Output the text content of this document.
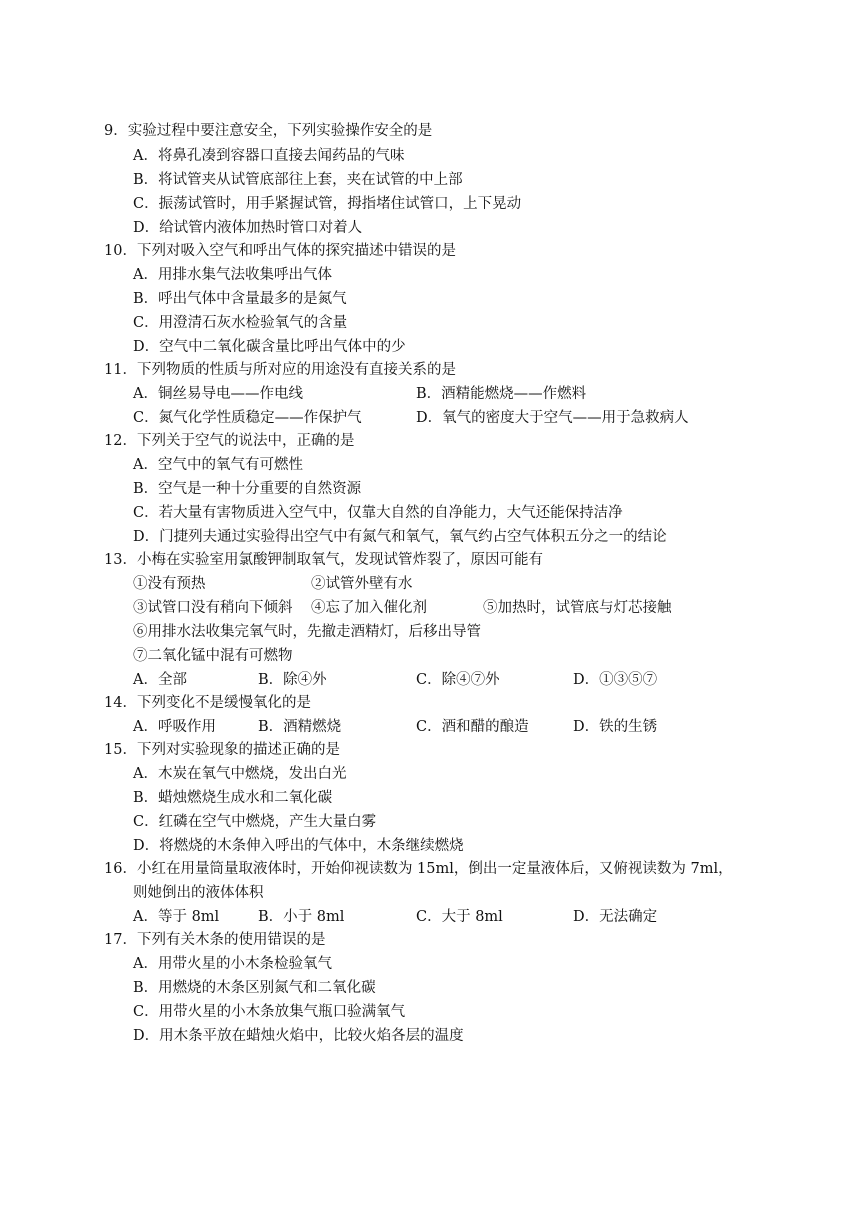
9．实验过程中要注意安全，下列实验操作安全的是
A．将鼻孔凑到容器口直接去闻药品的气味
B．将试管夹从试管底部往上套，夹在试管的中上部
C．振荡试管时，用手紧握试管，拇指堵住试管口，上下晃动
D．给试管内液体加热时管口对着人
10．下列对吸入空气和呼出气体的探究描述中错误的是
A．用排水集气法收集呼出气体
B．呼出气体中含量最多的是氮气
C．用澄清石灰水检验氧气的含量
D．空气中二氧化碳含量比呼出气体中的少
11．下列物质的性质与所对应的用途没有直接关系的是
A．铜丝易导电——作电线	B．酒精能燃烧——作燃料
C．氮气化学性质稳定——作保护气	D．氧气的密度大于空气——用于急救病人
12．下列关于空气的说法中，正确的是
A．空气中的氧气有可燃性
B．空气是一种十分重要的自然资源
C．若大量有害物质进入空气中，仅靠大自然的自净能力，大气还能保持洁净
D．门捷列夫通过实验得出空气中有氮气和氧气，氧气约占空气体积五分之一的结论
13．小梅在实验室用氯酸钾制取氧气，发现试管炸裂了，原因可能有
①没有预热	②试管外壁有水
③试管口没有稍向下倾斜 ④忘了加入催化剂	⑤加热时，试管底与灯芯接触
⑥用排水法收集完氧气时，先撤走酒精灯，后移出导管
⑦二氧化锰中混有可燃物
A．全部	B．除④外	C．除④⑦外	D．①③⑤⑦
14．下列变化不是缓慢氧化的是
A．呼吸作用	B．酒精燃烧	C．酒和醋的酿造	D．铁的生锈
15．下列对实验现象的描述正确的是
A．木炭在氧气中燃烧，发出白光
B．蜡烛燃烧生成水和二氧化碳
C．红磷在空气中燃烧，产生大量白雾
D．将燃烧的木条伸入呼出的气体中，木条继续燃烧
16．小红在用量筒量取液体时，开始仰视读数为 15ml，倒出一定量液体后，又俯视读数为 7ml，
则她倒出的液体体积
A．等于 8ml	B．小于 8ml	C．大于 8ml	D．无法确定
17．下列有关木条的使用错误的是
A．用带火星的小木条检验氧气
B．用燃烧的木条区别氮气和二氧化碳
C．用带火星的小木条放集气瓶口验满氧气
D．用木条平放在蜡烛火焰中，比较火焰各层的温度
